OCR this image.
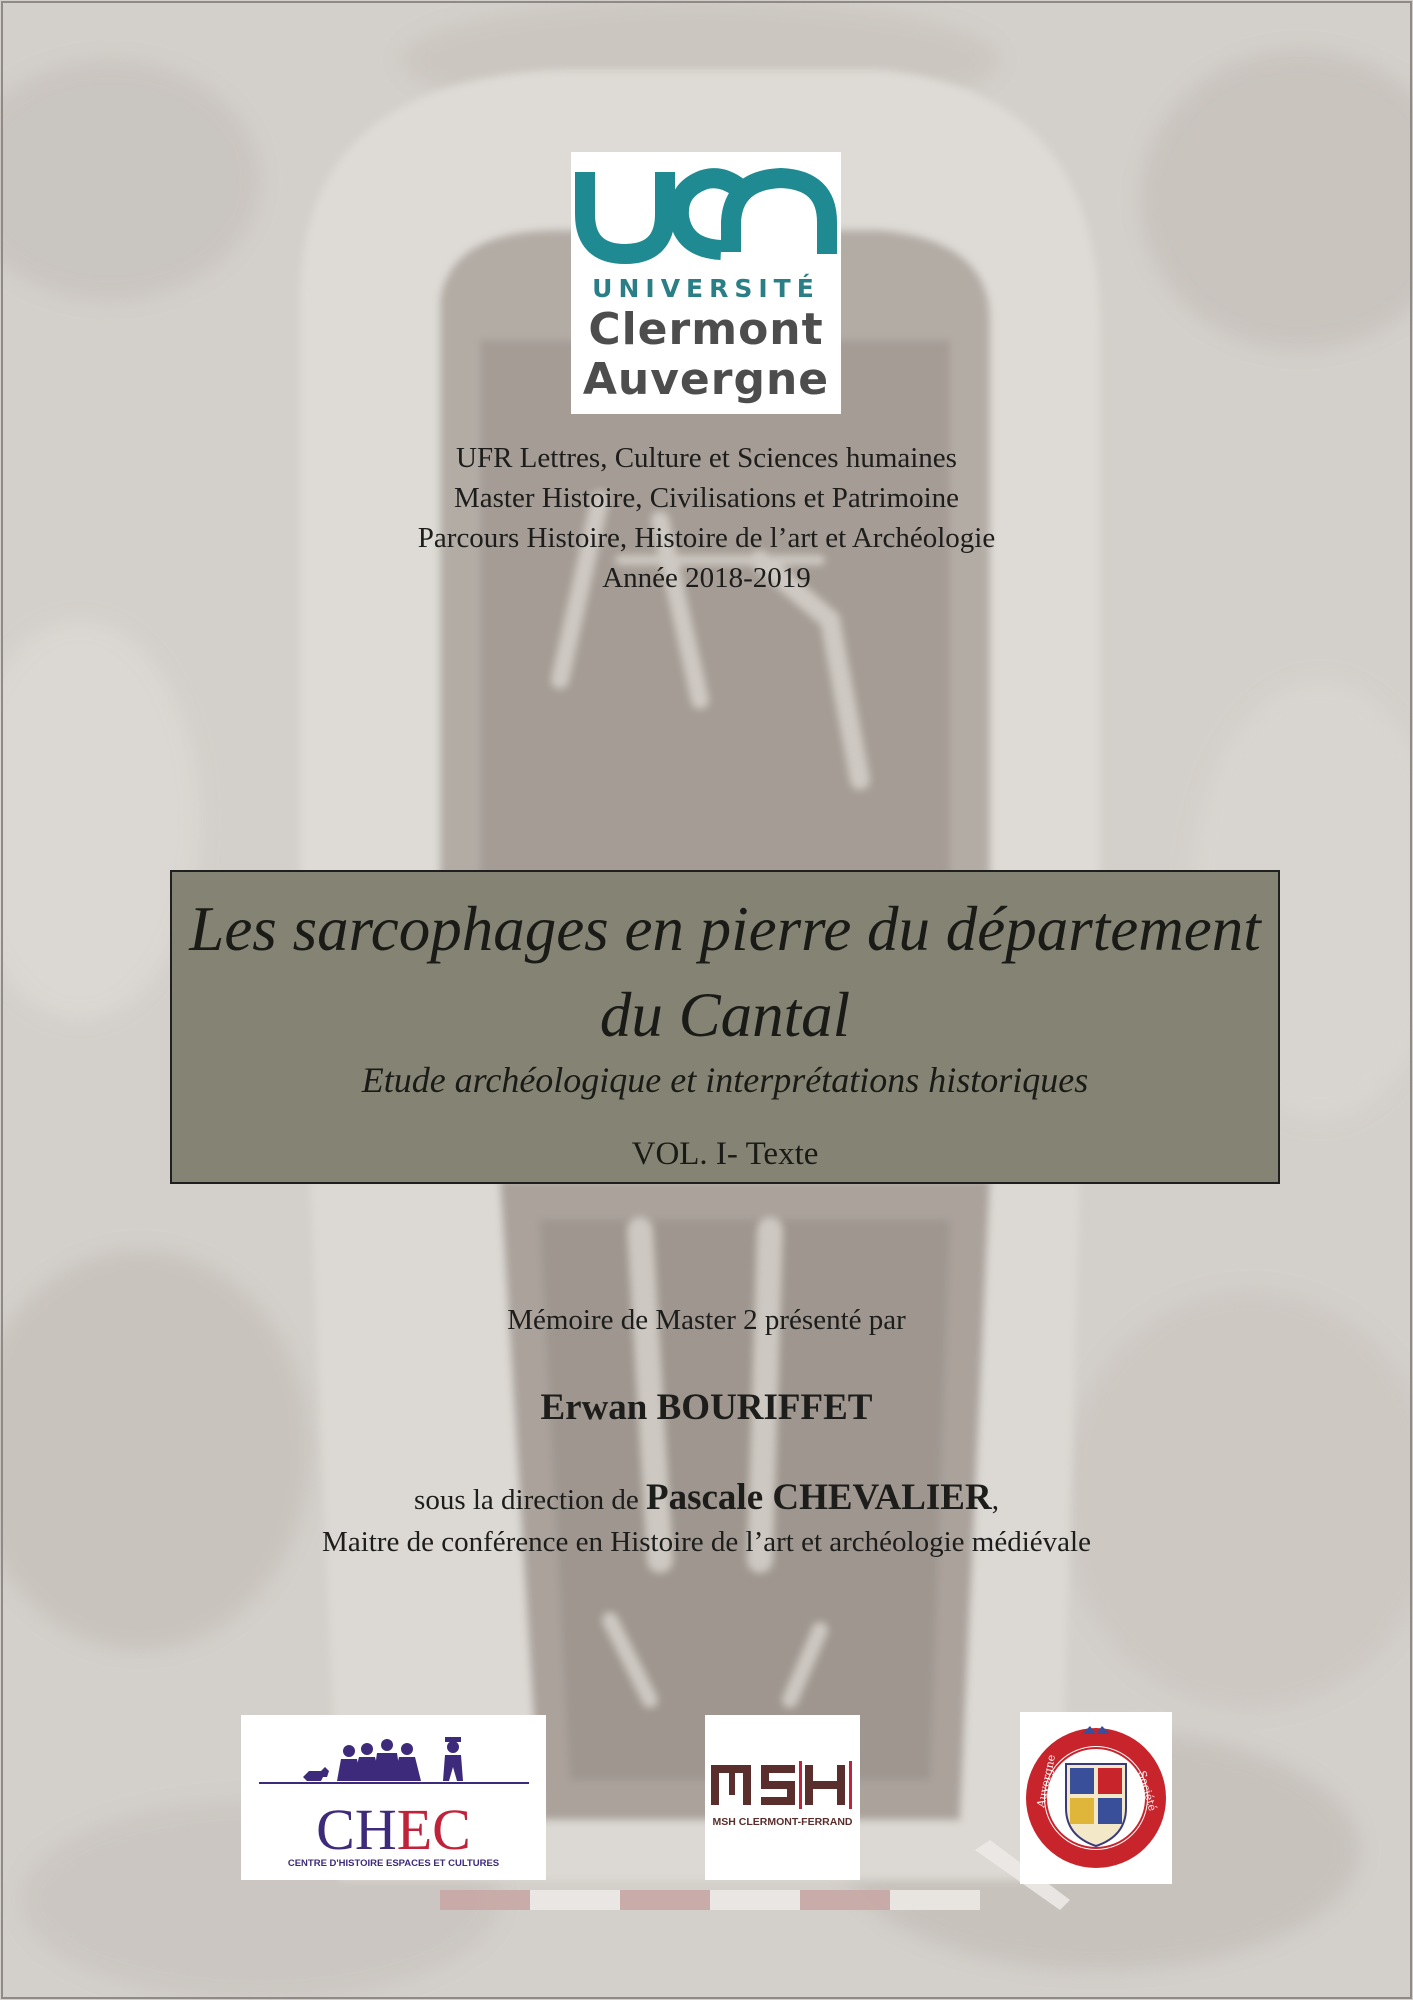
UNIVERSITÉ
Clermont
Auvergne
UFR Lettres, Culture et Sciences humaines
Master Histoire, Civilisations et Patrimoine
Parcours Histoire, Histoire de l’art et Archéologie
Année 2018-2019
Les sarcophages en pierre du département
du Cantal
Etude archéologique et interprétations historiques
VOL. I- Texte
Mémoire de Master 2 présenté par
Erwan BOURIFFET
sous la direction de Pascale CHEVALIER,
Maitre de conférence en Histoire de l’art et archéologie médiévale
CHEC
CENTRE D'HISTOIRE ESPACES ET CULTURES
MSH CLERMONT-FERRAND
Auvergne	Société
